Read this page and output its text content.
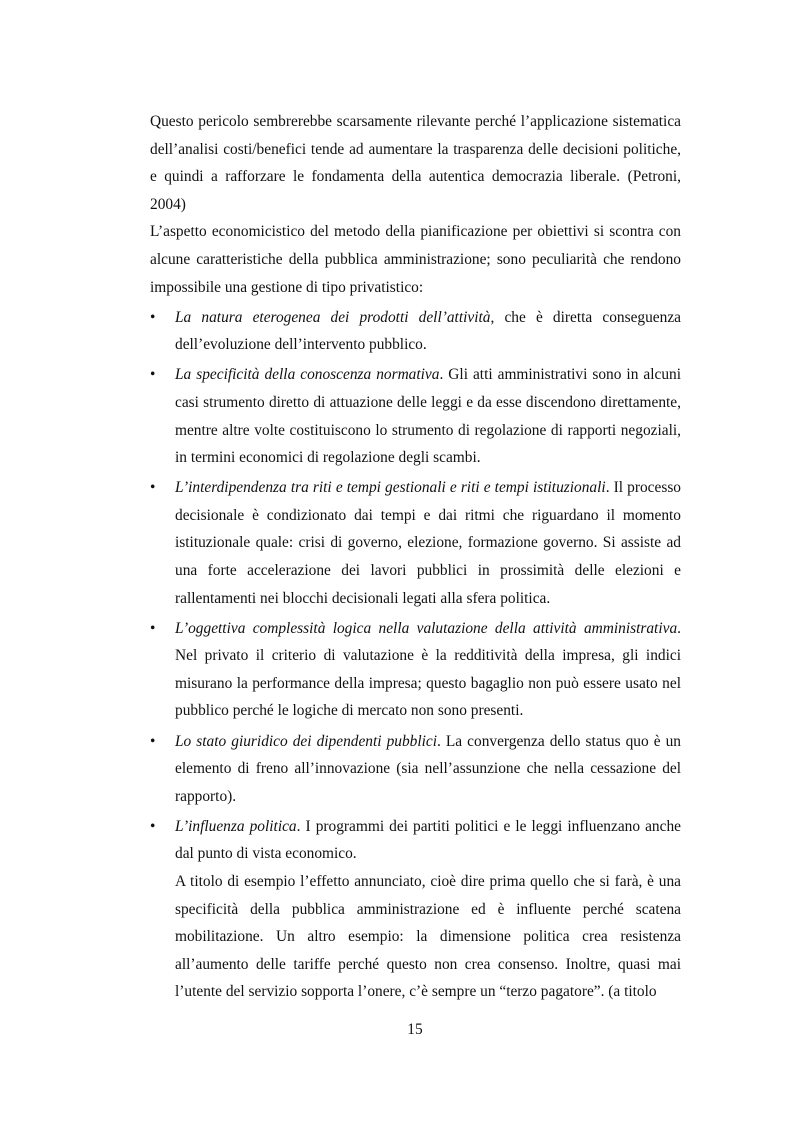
Questo pericolo sembrerebbe scarsamente rilevante perché l’applicazione sistematica dell’analisi costi/benefici tende ad aumentare la trasparenza delle decisioni politiche, e quindi a rafforzare le fondamenta della autentica democrazia liberale. (Petroni, 2004)

L’aspetto economicistico del metodo della pianificazione per obiettivi si scontra con alcune caratteristiche della pubblica amministrazione; sono peculiarità che rendono impossibile una gestione di tipo privatistico:

• La natura eterogenea dei prodotti dell’attività, che è diretta conseguenza dell’evoluzione dell’intervento pubblico.
• La specificità della conoscenza normativa. Gli atti amministrativi sono in alcuni casi strumento diretto di attuazione delle leggi e da esse discendono direttamente, mentre altre volte costituiscono lo strumento di regolazione di rapporti negoziali, in termini economici di regolazione degli scambi.
• L’interdipendenza tra riti e tempi gestionali e riti e tempi istituzionali. Il processo decisionale è condizionato dai tempi e dai ritmi che riguardano il momento istituzionale quale: crisi di governo, elezione, formazione governo. Si assiste ad una forte accelerazione dei lavori pubblici in prossimità delle elezioni e rallentamenti nei blocchi decisionali legati alla sfera politica.
• L’oggettiva complessità logica nella valutazione della attività amministrativa. Nel privato il criterio di valutazione è la redditività della impresa, gli indici misurano la performance della impresa; questo bagaglio non può essere usato nel pubblico perché le logiche di mercato non sono presenti.
• Lo stato giuridico dei dipendenti pubblici. La convergenza dello status quo è un elemento di freno all’innovazione (sia nell’assunzione che nella cessazione del rapporto).
• L’influenza politica. I programmi dei partiti politici e le leggi influenzano anche dal punto di vista economico.

A titolo di esempio l’effetto annunciato, cioè dire prima quello che si farà, è una specificità della pubblica amministrazione ed è influente perché scatena mobilitazione. Un altro esempio: la dimensione politica crea resistenza all’aumento delle tariffe perché questo non crea consenso. Inoltre, quasi mai l’utente del servizio sopporta l’onere, c’è sempre un “terzo pagatore”. (a titolo

15
